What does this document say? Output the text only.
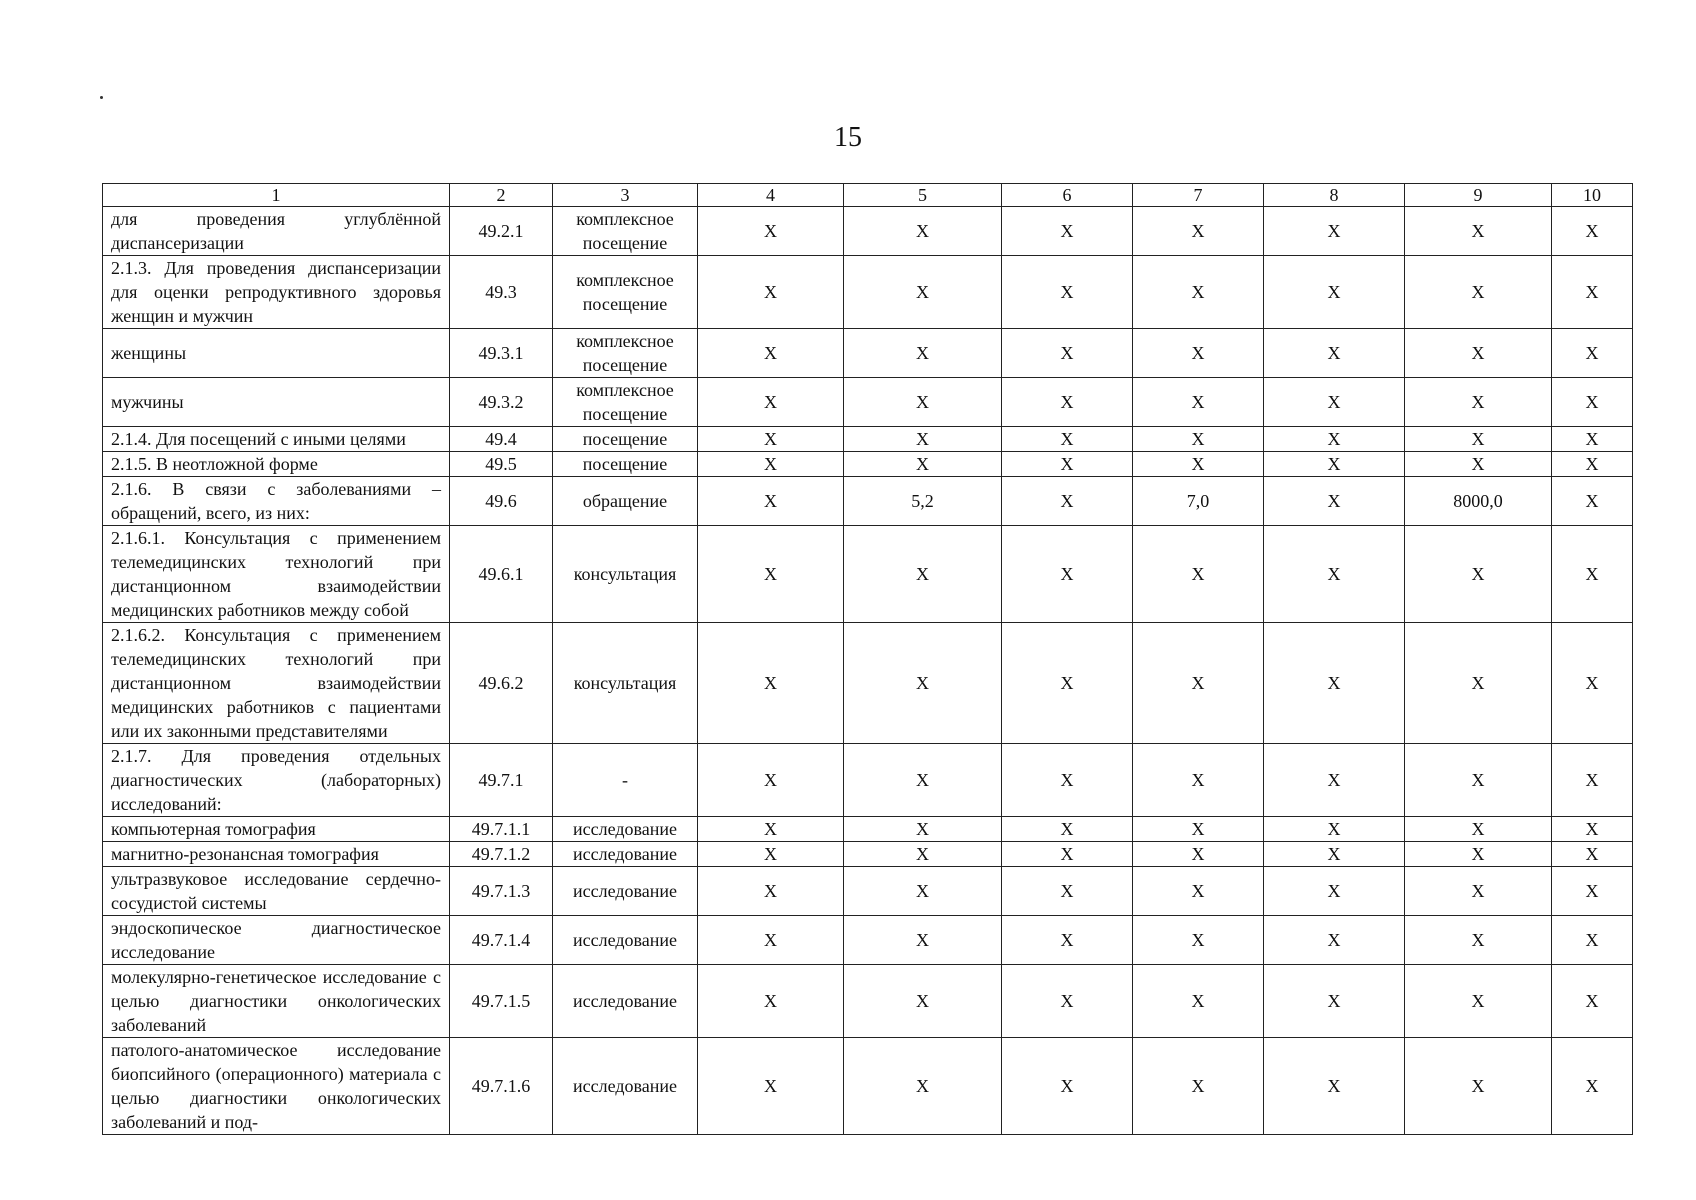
15
1	2	3	4	5	6	7	8	9	10
для проведения углублённой диспансеризации	49.2.1	комплексное посещение	Х	Х	Х	Х	Х	Х	Х
2.1.3. Для проведения диспансеризации для оценки репродуктивного здоровья женщин и мужчин	49.3	комплексное посещение	Х	Х	Х	Х	Х	Х	Х
женщины	49.3.1	комплексное посещение	Х	Х	Х	Х	Х	Х	Х
мужчины	49.3.2	комплексное посещение	Х	Х	Х	Х	Х	Х	Х
2.1.4. Для посещений с иными целями	49.4	посещение	Х	Х	Х	Х	Х	Х	Х
2.1.5. В неотложной форме	49.5	посещение	Х	Х	Х	Х	Х	Х	Х
2.1.6. В связи с заболеваниями – обращений, всего, из них:	49.6	обращение	Х	5,2	Х	7,0	Х	8000,0	Х
2.1.6.1. Консультация с применением телемедицинских технологий при дистанционном взаимодействии медицинских работников между собой	49.6.1	консультация	Х	Х	Х	Х	Х	Х	Х
2.1.6.2. Консультация с применением телемедицинских технологий при дистанционном взаимодействии медицинских работников с пациентами или их законными представителями	49.6.2	консультация	Х	Х	Х	Х	Х	Х	Х
2.1.7. Для проведения отдельных диагностических (лабораторных) исследований:	49.7.1	-	Х	Х	Х	Х	Х	Х	Х
компьютерная томография	49.7.1.1	исследование	Х	Х	Х	Х	Х	Х	Х
магнитно-резонансная томография	49.7.1.2	исследование	Х	Х	Х	Х	Х	Х	Х
ультразвуковое исследование сердечно-сосудистой системы	49.7.1.3	исследование	Х	Х	Х	Х	Х	Х	Х
эндоскопическое диагностическое исследование	49.7.1.4	исследование	Х	Х	Х	Х	Х	Х	Х
молекулярно-генетическое исследование с целью диагностики онкологических заболеваний	49.7.1.5	исследование	Х	Х	Х	Х	Х	Х	Х
патолого-анатомическое исследование биопсийного (операционного) материала с целью диагностики онкологических заболеваний и под-	49.7.1.6	исследование	Х	Х	Х	Х	Х	Х	Х
